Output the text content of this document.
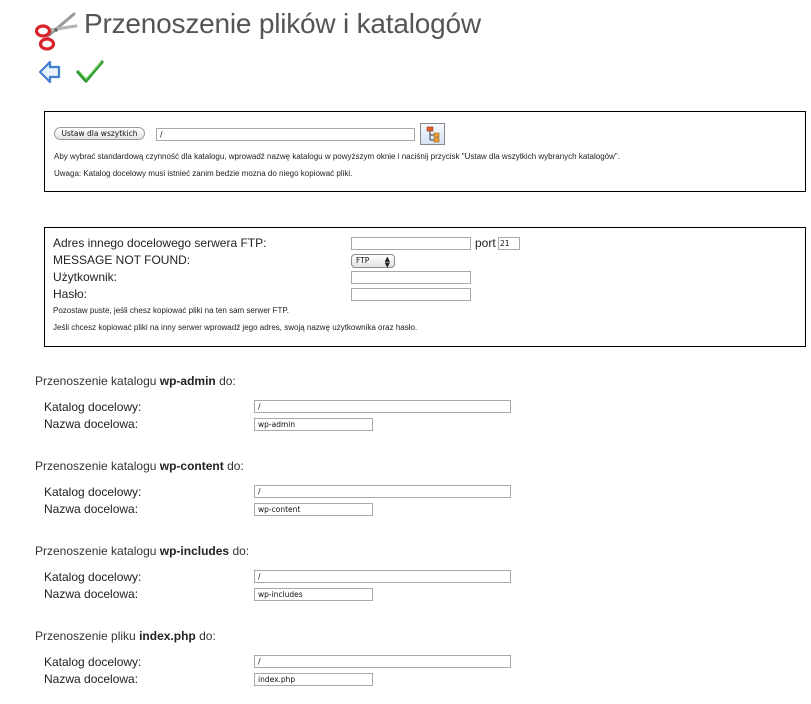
Przenoszenie plików i katalogów
Ustaw dla wszytkich
/
Aby wybrać standardową czynność dla katalogu, wprowadź nazwę katalogu w powyższym oknie i naciśnij przycisk "Ustaw dla wszytkich wybranych katalogów".
Uwaga: Katalog docelowy musi istnieć zanim bedzie mozna do niego kopiować pliki.
Adres innego docelowego serwera FTP:	port
21
MESSAGE NOT FOUND:	FTP ▲
▼
Użytkownik:
Hasło:
Pozostaw puste, jeśli chesz kopiować pliki na ten sam serwer FTP.
Jeśli chcesz kopiować pliki na inny serwer wprowadź jego adres, swoją nazwę użytkownika oraz hasło.
Przenoszenie katalogu wp-admin do:
Katalog docelowy:
/
Nazwa docelowa:
wp-admin
Przenoszenie katalogu wp-content do:
Katalog docelowy:
/
Nazwa docelowa:
wp-content
Przenoszenie katalogu wp-includes do:
Katalog docelowy:
/
Nazwa docelowa:
wp-includes
Przenoszenie pliku index.php do:
Katalog docelowy:
/
Nazwa docelowa:
index.php
